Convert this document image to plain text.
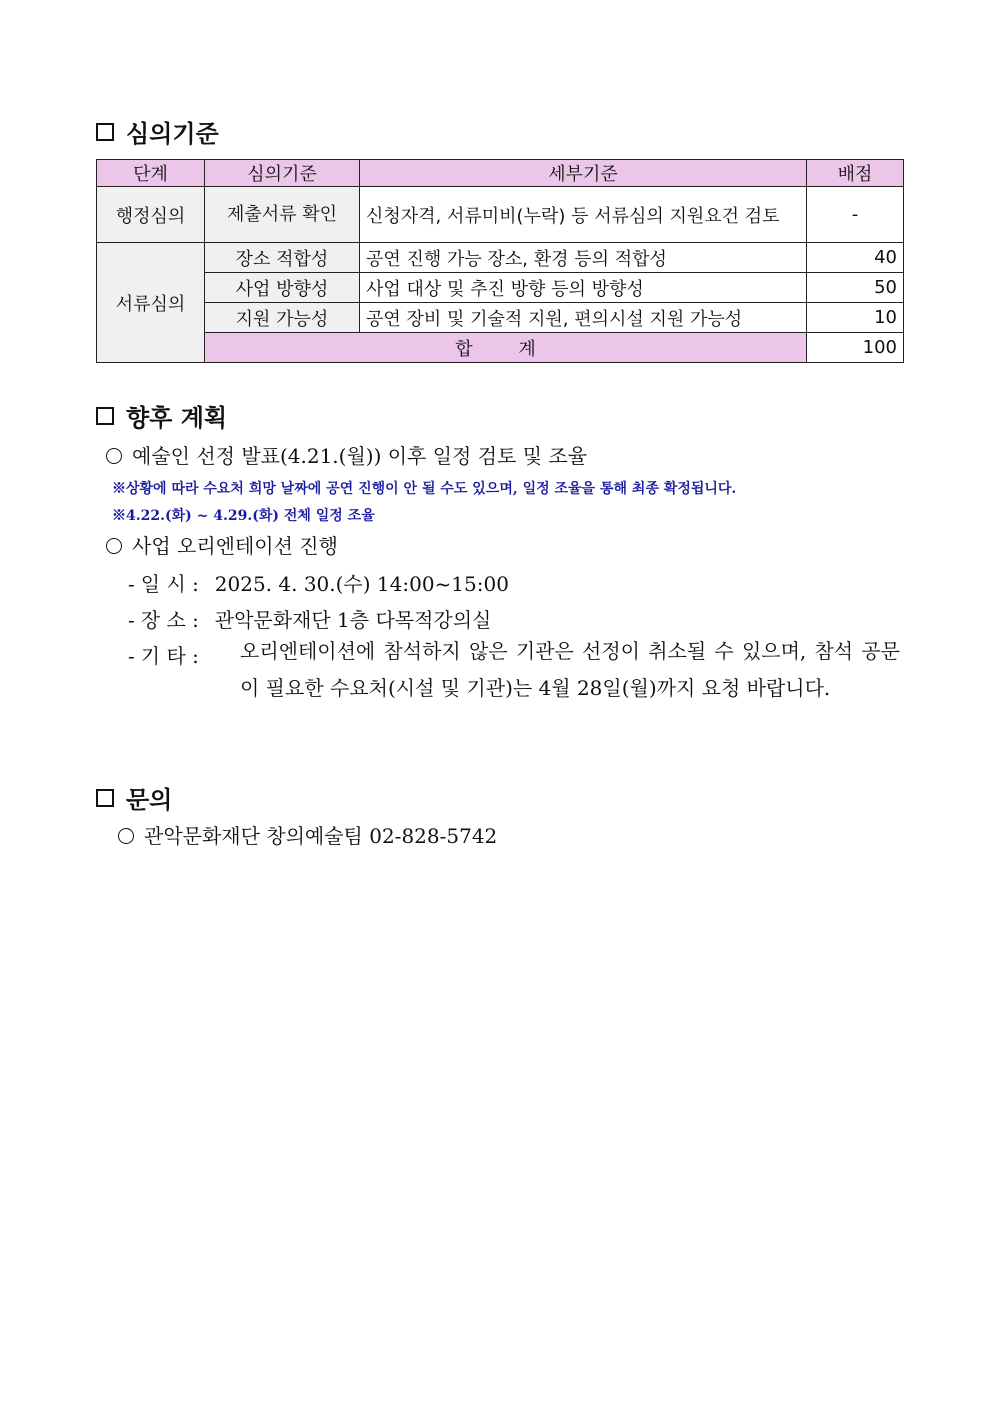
심의기준
단계	심의기준	세부기준	배점
행정심의	제출서류 확인	신청자격, 서류미비(누락) 등 서류심의 지원요건 검토	-
서류심의	장소 적합성	공연 진행 가능 장소, 환경 등의 적합성	40
	사업 방향성	사업 대상 및 추진 방향 등의 방향성	50
	지원 가능성	공연 장비 및 기술적 지원, 편의시설 지원 가능성	10
	합 계		100
향후 계획
예술인 선정 발표(4.21.(월)) 이후 일정 검토 및 조율
※상황에 따라 수요처 희망 날짜에 공연 진행이 안 될 수도 있으며, 일정 조율을 통해 최종 확정됩니다.
※4.22.(화) ~ 4.29.(화) 전체 일정 조율
사업 오리엔테이션 진행
- 일 시 : 2025. 4. 30.(수) 14:00~15:00
- 장 소 : 관악문화재단 1층 다목적강의실
- 기 타 :	오리엔테이션에 참석하지 않은 기관은 선정이 취소될 수 있으며, 참석 공문이 필요한 수요처(시설 및 기관)는 4월 28일(월)까지 요청 바랍니다.
문의
관악문화재단 창의예술팀 02-828-5742
